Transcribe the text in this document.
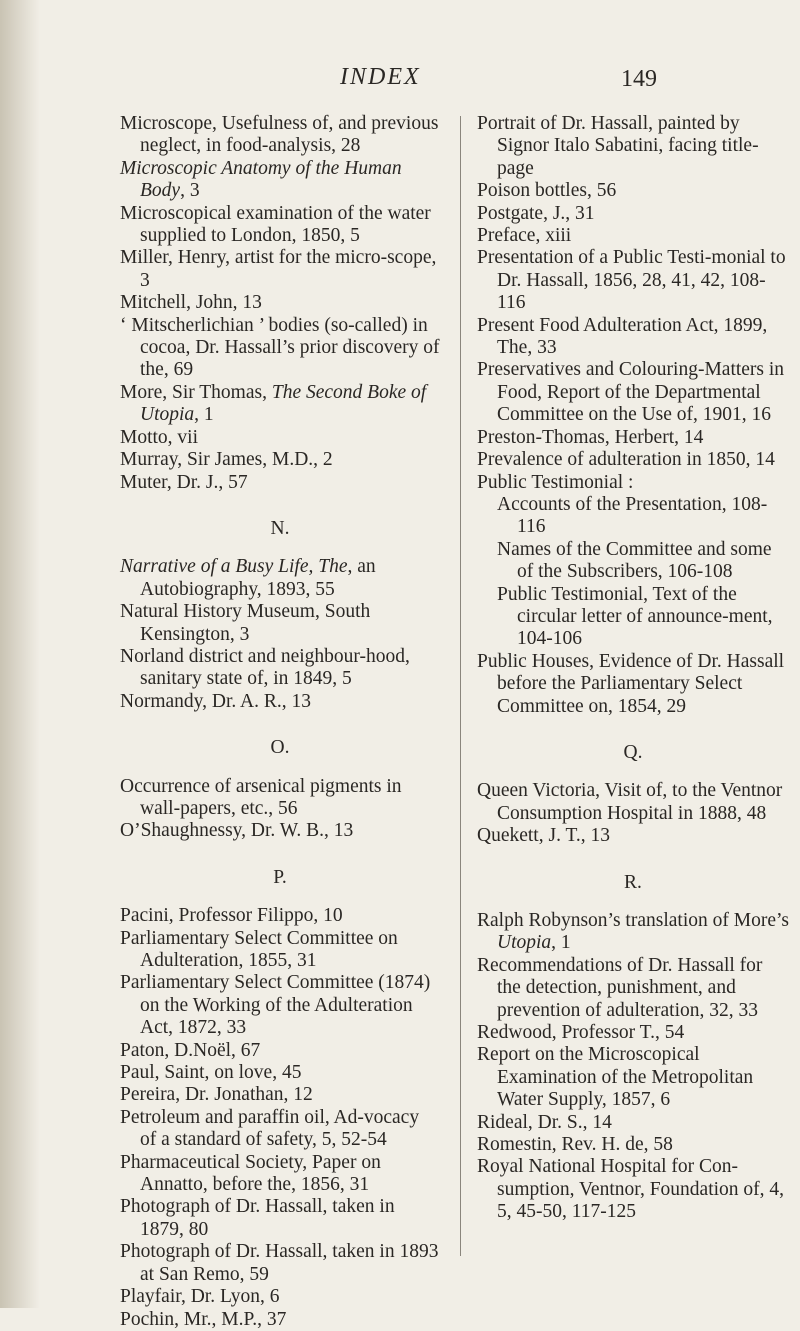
INDEX	149
Microscope, Usefulness of, and previous neglect, in food-analysis, 28
Microscopic Anatomy of the Human Body, 3
Microscopical examination of the water supplied to London, 1850, 5
Miller, Henry, artist for the micro-scope, 3
Mitchell, John, 13
‘ Mitscherlichian ’ bodies (so-called) in cocoa, Dr. Hassall’s prior discovery of the, 69
More, Sir Thomas, The Second Boke of Utopia, 1
Motto, vii
Murray, Sir James, M.D., 2
Muter, Dr. J., 57
N.
Narrative of a Busy Life, The, an Autobiography, 1893, 55
Natural History Museum, South Kensington, 3
Norland district and neighbour-hood, sanitary state of, in 1849, 5
Normandy, Dr. A. R., 13
O.
Occurrence of arsenical pigments in wall-papers, etc., 56
O’Shaughnessy, Dr. W. B., 13
P.
Pacini, Professor Filippo, 10
Parliamentary Select Committee on Adulteration, 1855, 31
Parliamentary Select Committee (1874) on the Working of the Adulteration Act, 1872, 33
Paton, D.Noël, 67
Paul, Saint, on love, 45
Pereira, Dr. Jonathan, 12
Petroleum and paraffin oil, Ad-vocacy of a standard of safety, 5, 52-54
Pharmaceutical Society, Paper on Annatto, before the, 1856, 31
Photograph of Dr. Hassall, taken in 1879, 80
Photograph of Dr. Hassall, taken in 1893 at San Remo, 59
Playfair, Dr. Lyon, 6
Pochin, Mr., M.P., 37
Portrait of Dr. Hassall, painted by Signor Italo Sabatini, facing title-page
Poison bottles, 56
Postgate, J., 31
Preface, xiii
Presentation of a Public Testi-monial to Dr. Hassall, 1856, 28, 41, 42, 108-116
Present Food Adulteration Act, 1899, The, 33
Preservatives and Colouring-Matters in Food, Report of the Departmental Committee on the Use of, 1901, 16
Preston-Thomas, Herbert, 14
Prevalence of adulteration in 1850, 14
Public Testimonial :
Accounts of the Presentation, 108-116
Names of the Committee and some of the Subscribers, 106-108
Public Testimonial, Text of the circular letter of announce-ment, 104-106
Public Houses, Evidence of Dr. Hassall before the Parliamentary Select Committee on, 1854, 29
Q.
Queen Victoria, Visit of, to the Ventnor Consumption Hospital in 1888, 48
Quekett, J. T., 13
R.
Ralph Robynson’s translation of More’s Utopia, 1
Recommendations of Dr. Hassall for the detection, punishment, and prevention of adulteration, 32, 33
Redwood, Professor T., 54
Report on the Microscopical Examination of the Metropolitan Water Supply, 1857, 6
Rideal, Dr. S., 14
Romestin, Rev. H. de, 58
Royal National Hospital for Con-sumption, Ventnor, Foundation of, 4, 5, 45-50, 117-125
